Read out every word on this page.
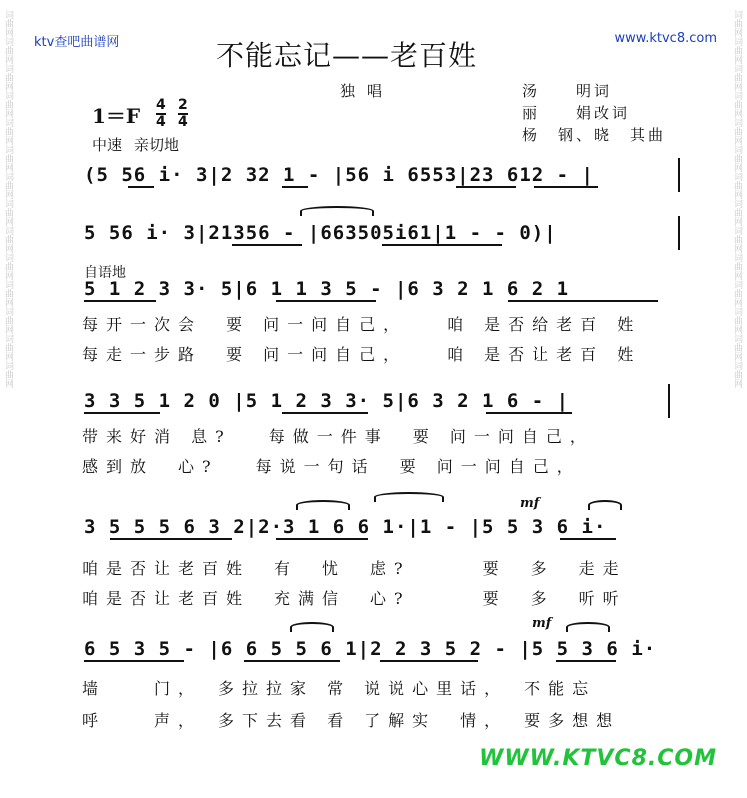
词曲网词曲网词曲网词曲网词曲网词曲网词曲网词曲网词曲网词曲网词曲网词曲网词曲网词曲网	词曲网词曲网词曲网词曲网词曲网词曲网词曲网词曲网词曲网词曲网词曲网词曲网词曲网词曲网
ktv查吧曲谱网	www.ktvc8.com
不能忘记——老百姓
独唱	汤　　明词
丽　　娟改词
杨　钢、晓　其曲
1＝F 4
4
2
4
中速 亲切地
(5 56 i· 3|2 32 1 - |56 i 6553|23 612 - |
5 56 i· 3|21356 - |663505i61|1 - - 0)|
自语地
5 1 2 3 3· 5|6 1 1 3 5 - |6 3 2 1 6 2 1
每开一次会　要 问一问自己，　　咱 是否给老百 姓
每走一步路　要 问一问自己，　　咱 是否让老百 姓
3 3 5 1 2 0 |5 1 2 3 3· 5|6 3 2 1 6 - |
带来好消 息?　 每做一件事　要 问一问自己，
感到放　心?　 每说一句话　要 问一问自己，
3 5 5 5 6 3 2|2·3 1 6 6 1·|1 - |5 5 3 6 i·
mf
咱是否让老百姓　有　忧　虑?　　　要　多　走走
咱是否让老百姓　充满信　心?　　　要　多　听听
6 5 3 5 - |6 6 5 5 6 1|2 2 3 5 2 - |5 5 3 6 i·
mf
墙　　门，　多拉拉家 常 说说心里话，　不能忘
呼　　声，　多下去看 看 了解实　情，　要多想想
WWW.KTVC8.COM
